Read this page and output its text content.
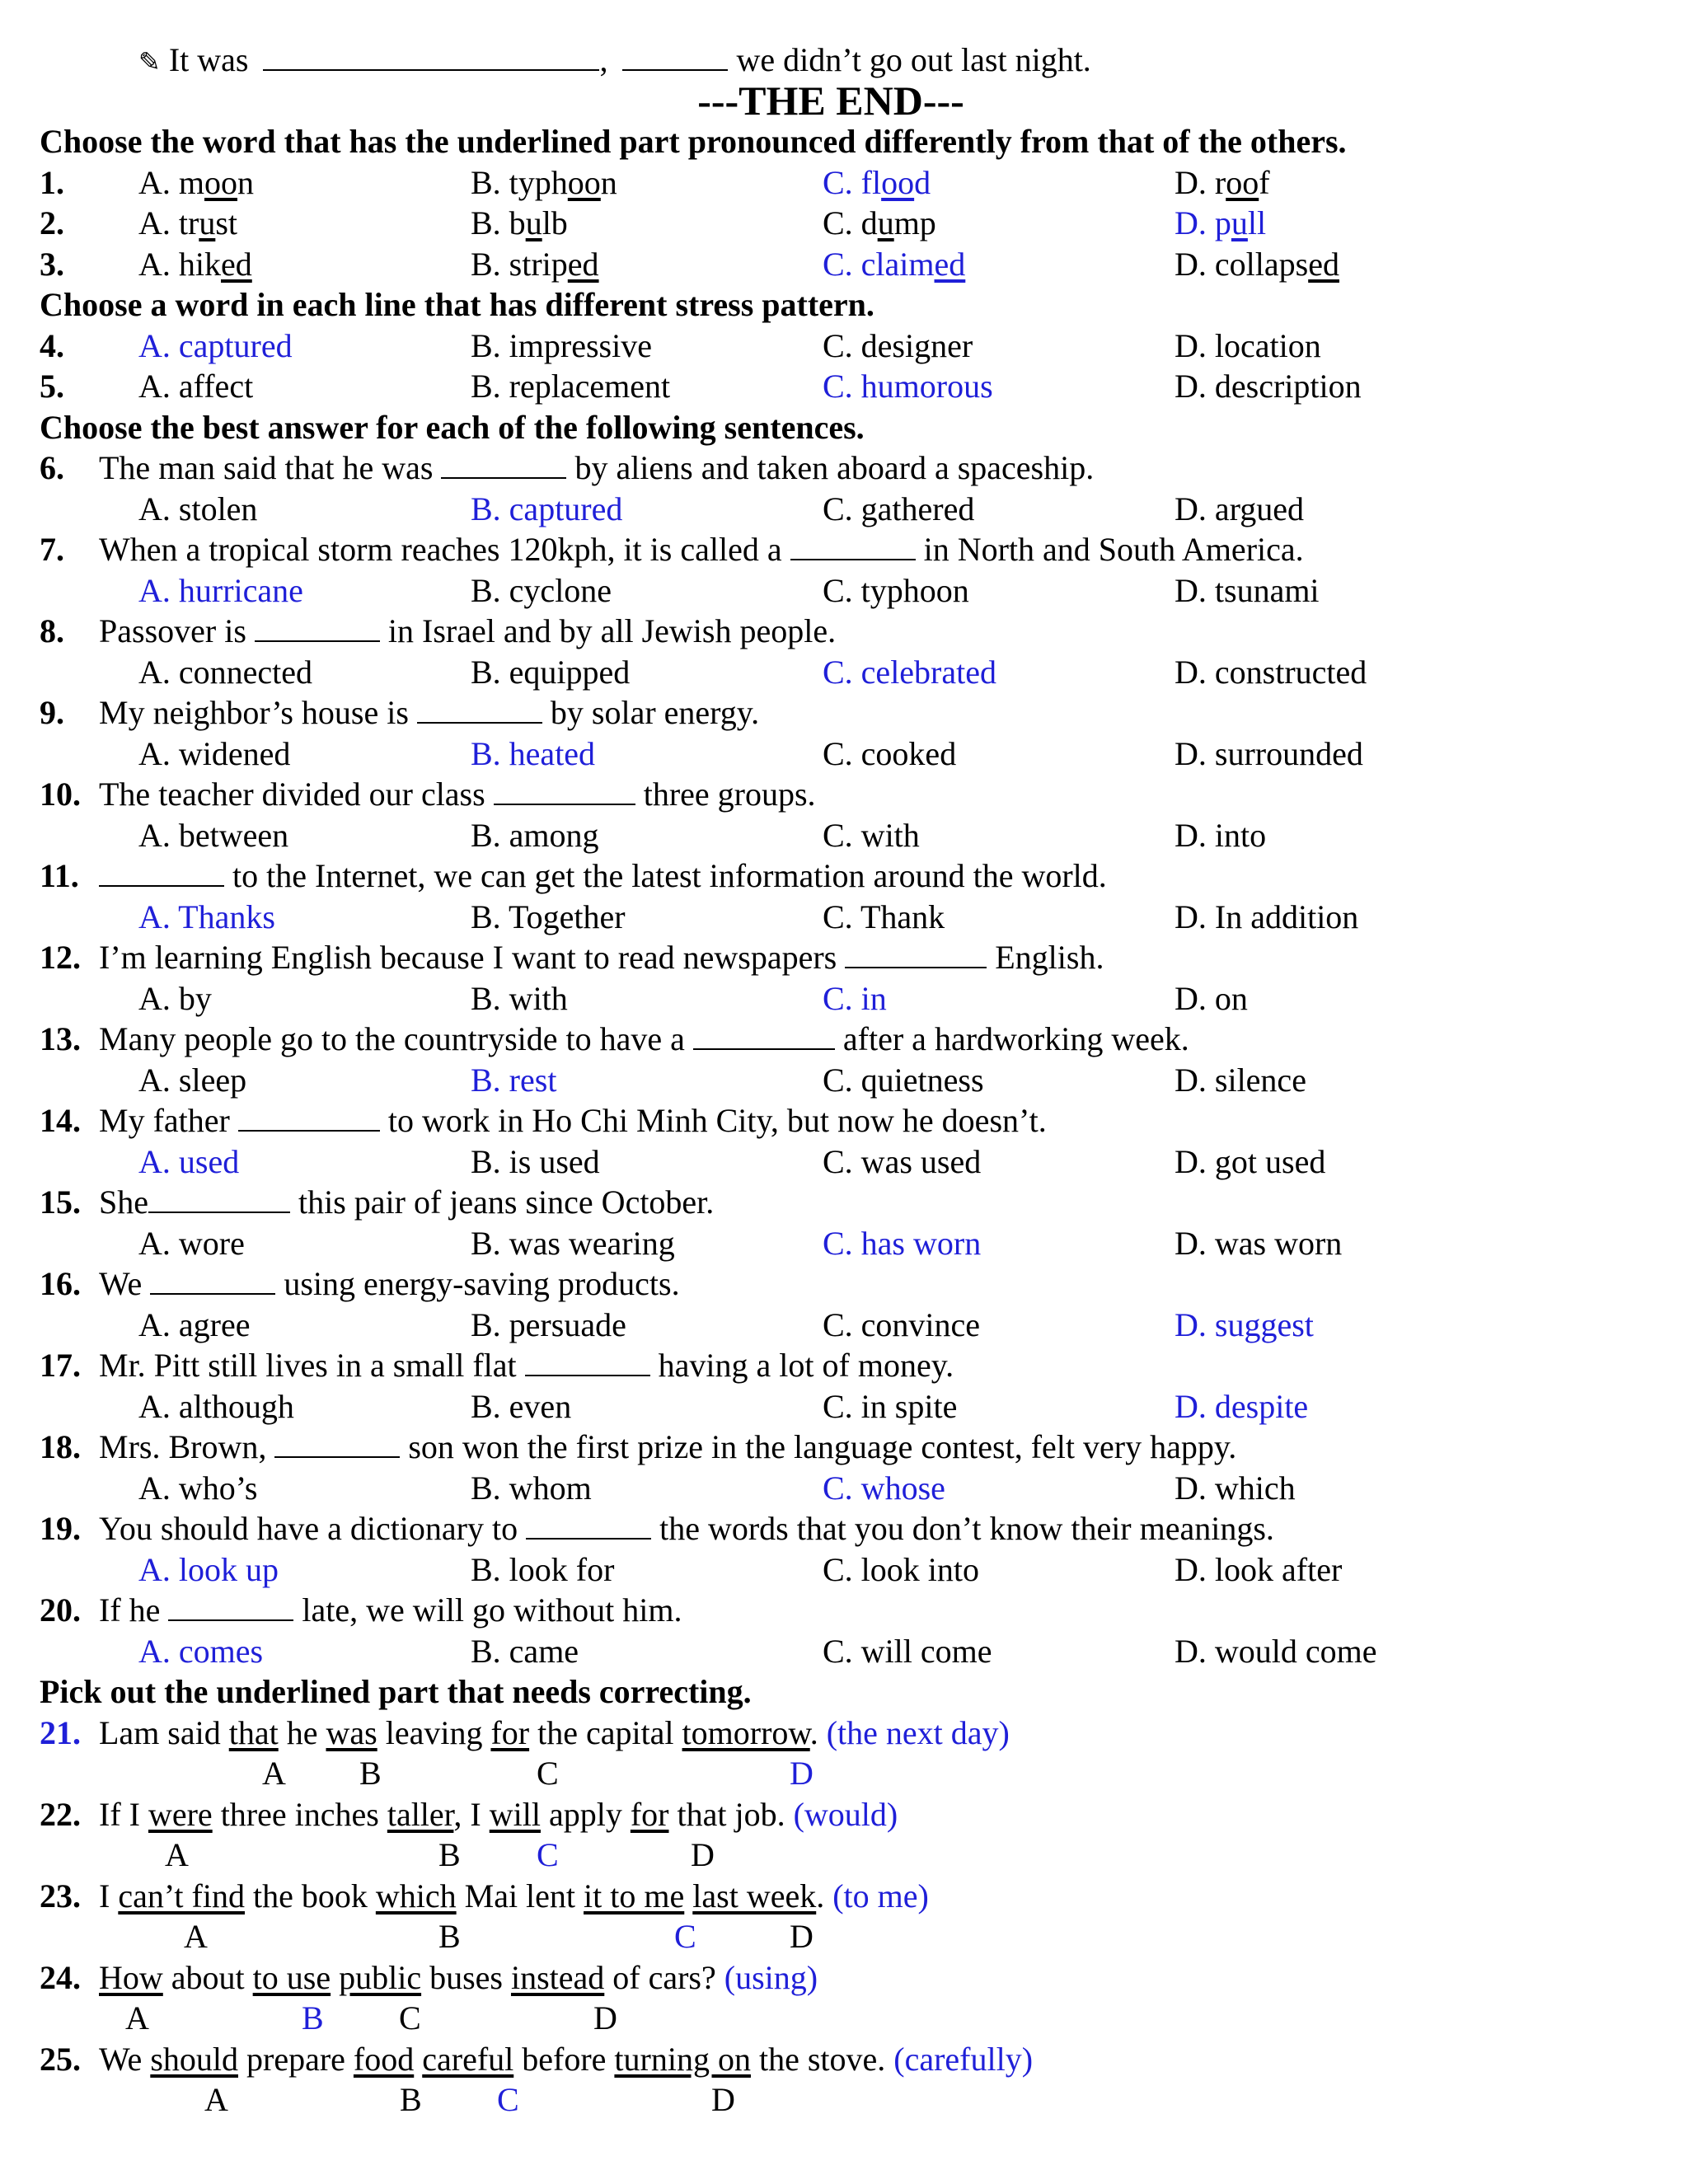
✎ It was	,	we didn’t go out last night.
---THE END---
Choose the word that has the underlined part pronounced differently from that of the others.
1. A. moon	B. typhoon	C. flood	D. roof
2. A. trust	B. bulb	C. dump	D. pull
3. A. hiked	B. striped	C. claimed	D. collapsed
Choose a word in each line that has different stress pattern.
4. A. captured	B. impressive	C. designer	D. location
5. A. affect	B. replacement	C. humorous	D. description
Choose the best answer for each of the following sentences.
6. The man said that he was	by aliens and taken aboard a spaceship.
A. stolen	B. captured	C. gathered	D. argued
7. When a tropical storm reaches 120kph, it is called a	in North and South America.
A. hurricane	B. cyclone	C. typhoon	D. tsunami
8. Passover is	in Israel and by all Jewish people.
A. connected	B. equipped	C. celebrated	D. constructed
9. My neighbor’s house is	by solar energy.
A. widened	B. heated	C. cooked	D. surrounded
10. The teacher divided our class	three groups.
A. between	B. among	C. with	D. into
11.	to the Internet, we can get the latest information around the world.
A. Thanks	B. Together	C. Thank	D. In addition
12. I’m learning English because I want to read newspapers	English.
A. by	B. with	C. in	D. on
13. Many people go to the countryside to have a	after a hardworking week.
A. sleep	B. rest	C. quietness	D. silence
14. My father	to work in Ho Chi Minh City, but now he doesn’t.
A. used	B. is used	C. was used	D. got used
15. She	this pair of jeans since October.
A. wore	B. was wearing	C. has worn	D. was worn
16. We	using energy-saving products.
A. agree	B. persuade	C. convince	D. suggest
17. Mr. Pitt still lives in a small flat	having a lot of money.
A. although	B. even	C. in spite	D. despite
18. Mrs. Brown,	son won the first prize in the language contest, felt very happy.
A. who’s	B. whom	C. whose	D. which
19. You should have a dictionary to	the words that you don’t know their meanings.
A. look up	B. look for	C. look into	D. look after
20. If he	late, we will go without him.
A. comes	B. came	C. will come	D. would come
Pick out the underlined part that needs correcting.
21. Lam said that he was leaving for the capital tomorrow. (the next day)
A B	C	D
22. If I were three inches taller, I will apply for that job. (would)
A	B C	D
23. I can’t find the book which Mai lent it to me last week. (to me)
A	B	C	D
24. How about to use public buses instead of cars? (using)
A	B C	D
25. We should prepare food careful before turning on the stove. (carefully)
A	B C	D
